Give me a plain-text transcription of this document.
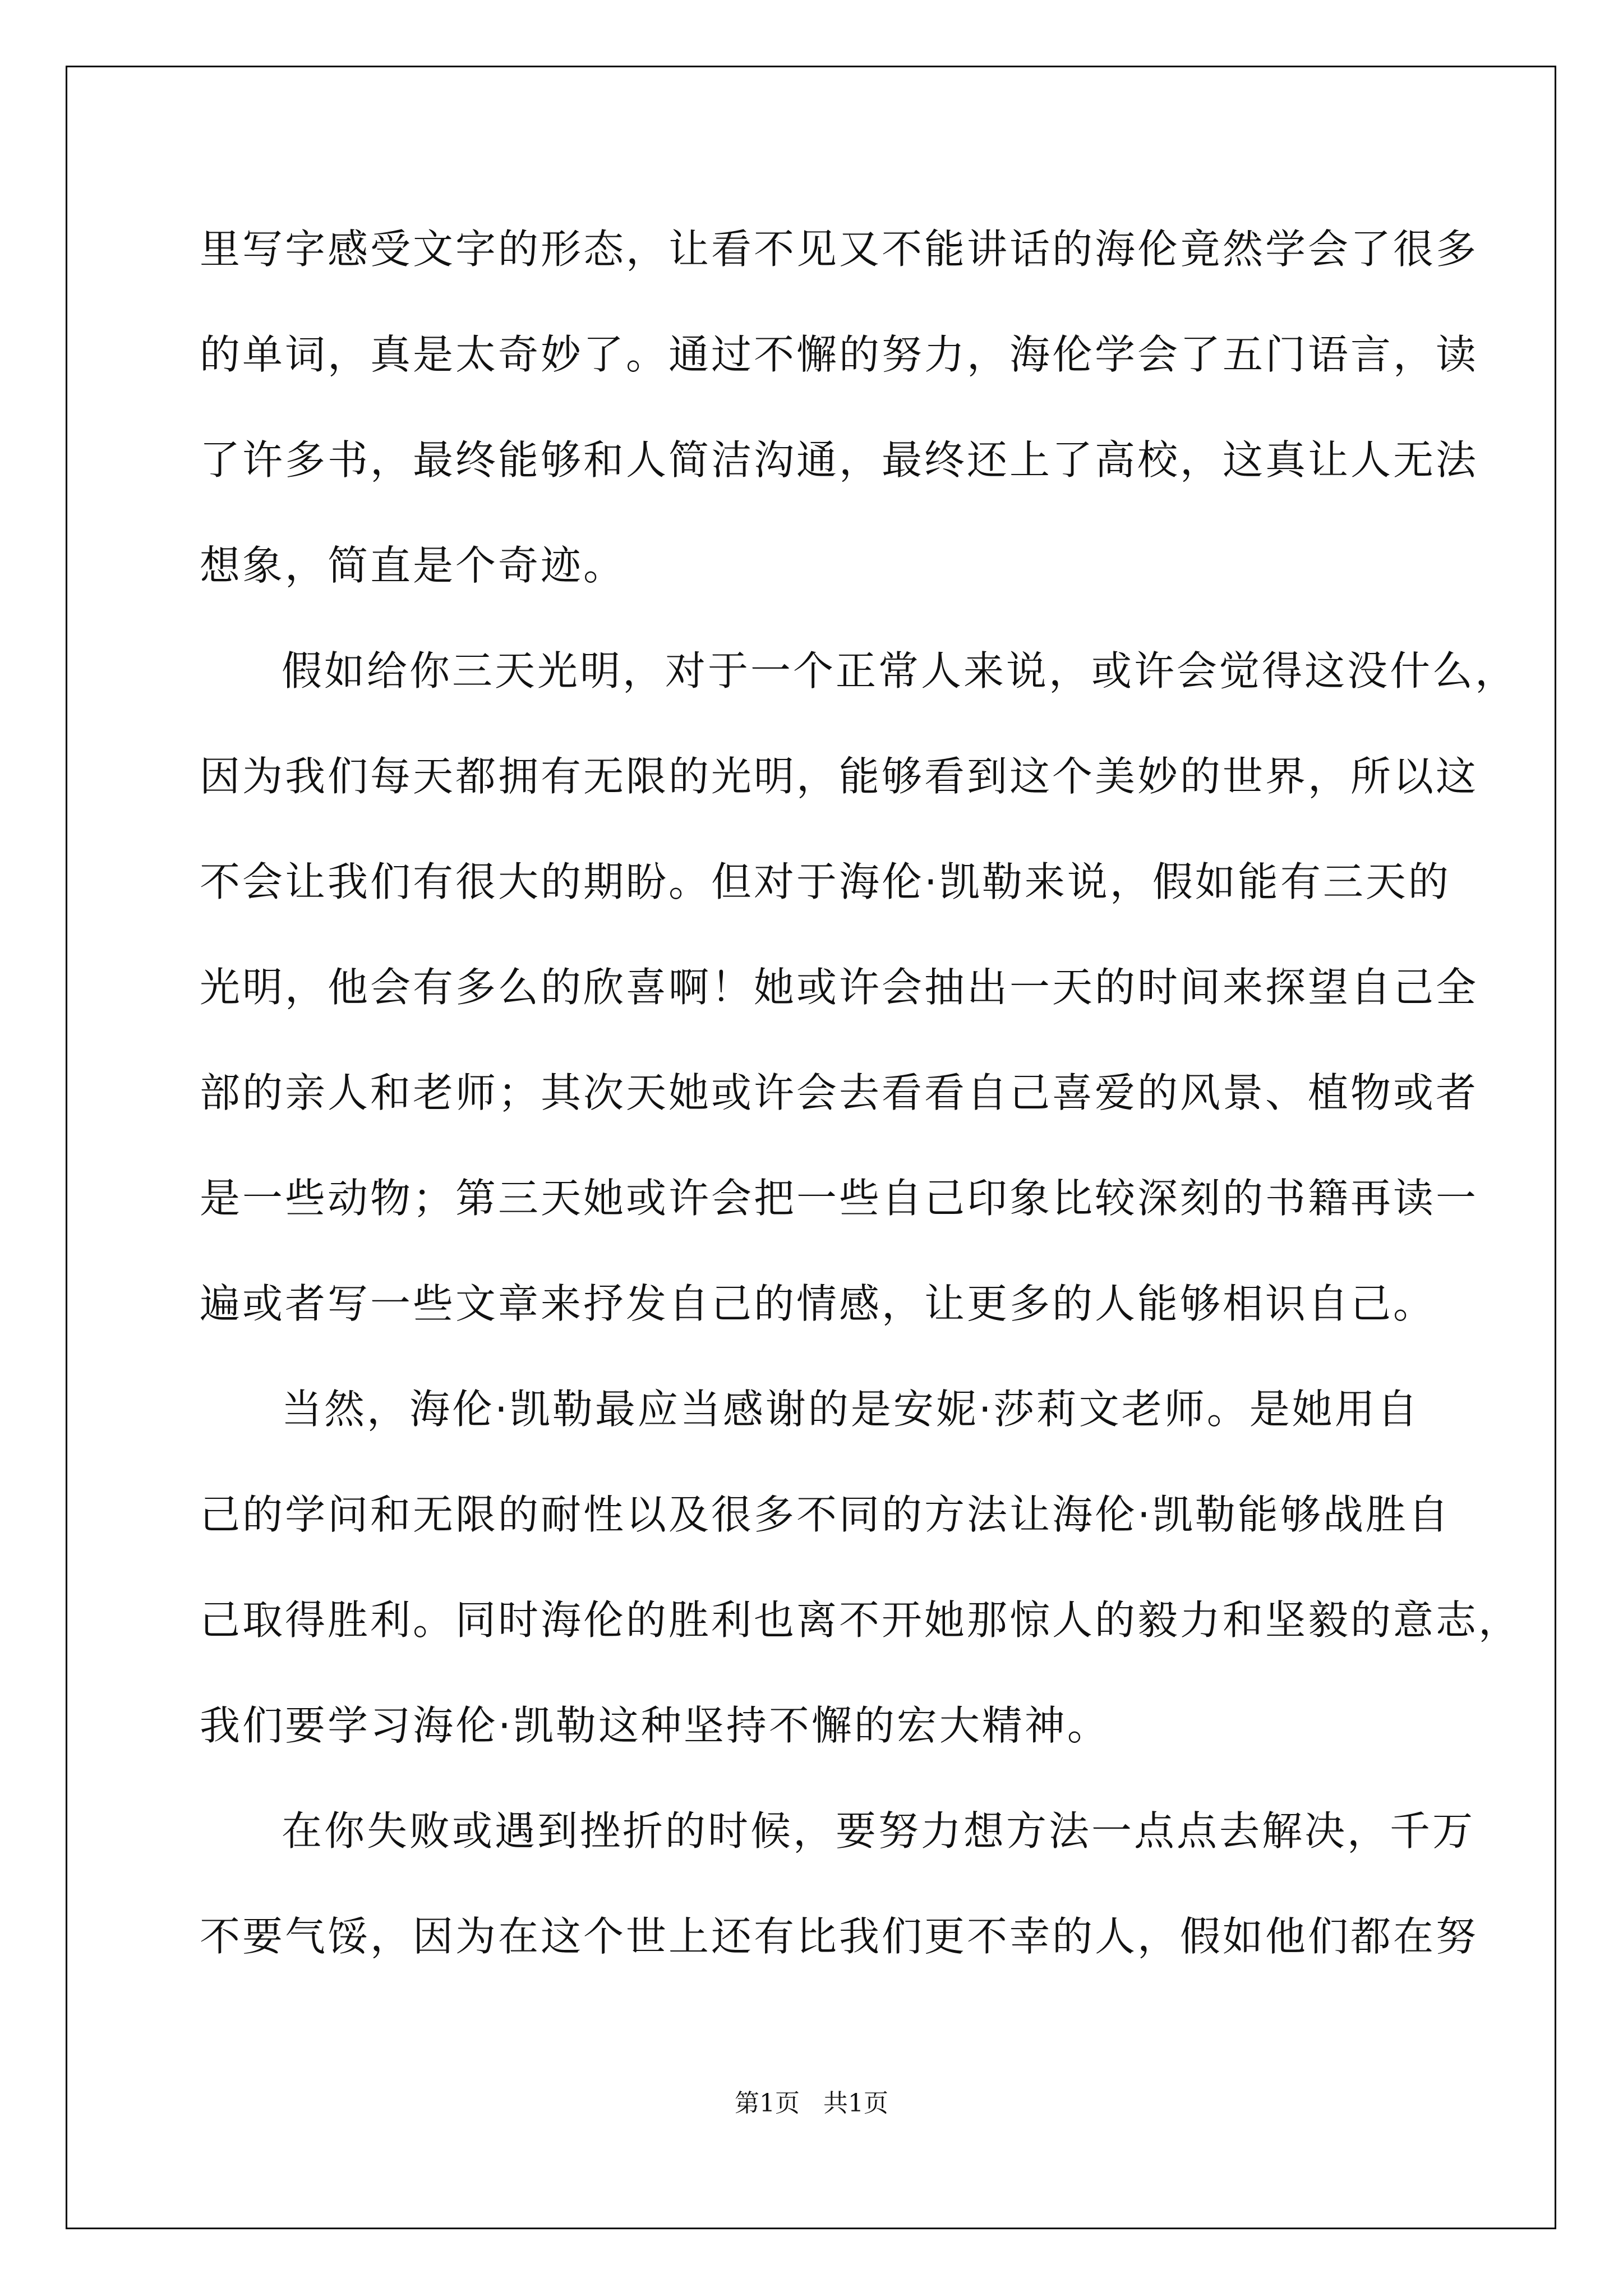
里写字感受文字的形态，让看不见又不能讲话的海伦竟然学会了很多
的单词，真是太奇妙了。通过不懈的努力，海伦学会了五门语言，读
了许多书，最终能够和人简洁沟通，最终还上了高校，这真让人无法
想象，简直是个奇迹。
假如给你三天光明，对于一个正常人来说，或许会觉得这没什么，
因为我们每天都拥有无限的光明，能够看到这个美妙的世界，所以这
不会让我们有很大的期盼。但对于海伦·凯勒来说，假如能有三天的
光明，他会有多么的欣喜啊！她或许会抽出一天的时间来探望自己全
部的亲人和老师；其次天她或许会去看看自己喜爱的风景、植物或者
是一些动物；第三天她或许会把一些自己印象比较深刻的书籍再读一
遍或者写一些文章来抒发自己的情感，让更多的人能够相识自己。
当然，海伦·凯勒最应当感谢的是安妮·莎莉文老师。是她用自
己的学问和无限的耐性以及很多不同的方法让海伦·凯勒能够战胜自
己取得胜利。同时海伦的胜利也离不开她那惊人的毅力和坚毅的意志，
我们要学习海伦·凯勒这种坚持不懈的宏大精神。
在你失败或遇到挫折的时候，要努力想方法一点点去解决，千万
不要气馁，因为在这个世上还有比我们更不幸的人，假如他们都在努
第1页 共1页
